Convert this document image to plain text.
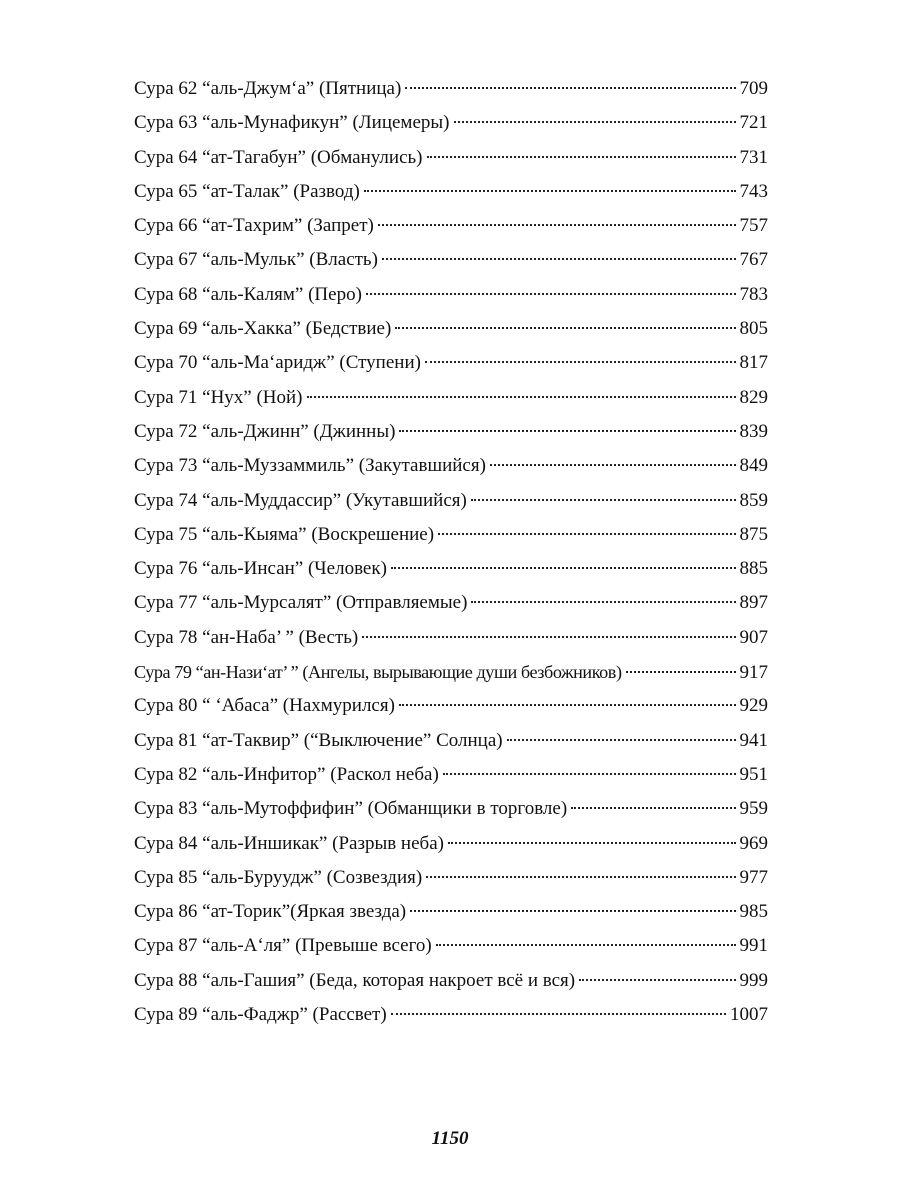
Сура 62 “аль-Джум‘а” (Пятница)	709
Сура 63 “аль-Мунафикун” (Лицемеры)	721
Сура 64 “ат-Тагабун” (Обманулись)	731
Сура 65 “ат-Талак” (Развод)	743
Сура 66 “ат-Тахрим” (Запрет)	757
Сура 67 “аль-Мульк” (Власть)	767
Сура 68 “аль-Калям” (Перо)	783
Сура 69 “аль-Хакка” (Бедствие)	805
Сура 70 “аль-Ма‘аридж” (Ступени)	817
Сура 71 “Нух” (Ной)	829
Сура 72 “аль-Джинн” (Джинны)	839
Сура 73 “аль-Муззаммиль” (Закутавшийся)	849
Сура 74 “аль-Муддассир” (Укутавшийся)	859
Сура 75 “аль-Кыяма” (Воскрешение)	875
Сура 76 “аль-Инсан” (Человек)	885
Сура 77 “аль-Мурсалят” (Отправляемые)	897
Сура 78 “ан-Наба’ ” (Весть)	907
Сура 79 “ан-Нази‘ат’ ” (Ангелы, вырывающие души безбожников)	917
Сура 80 “ ‘Абаса” (Нахмурился)	929
Сура 81 “ат-Таквир” (“Выключение” Солнца)	941
Сура 82 “аль-Инфитор” (Раскол неба)	951
Сура 83 “аль-Мутоффифин” (Обманщики в торговле)	959
Сура 84 “аль-Иншикак” (Разрыв неба)	969
Сура 85 “аль-Буруудж” (Созвездия)	977
Сура 86 “ат-Торик”(Яркая звезда)	985
Сура 87 “аль-А‘ля” (Превыше всего)	991
Сура 88 “аль-Гашия” (Беда, которая накроет всё и вся)	999
Сура 89 “аль-Фаджр” (Рассвет)	1007
1150
